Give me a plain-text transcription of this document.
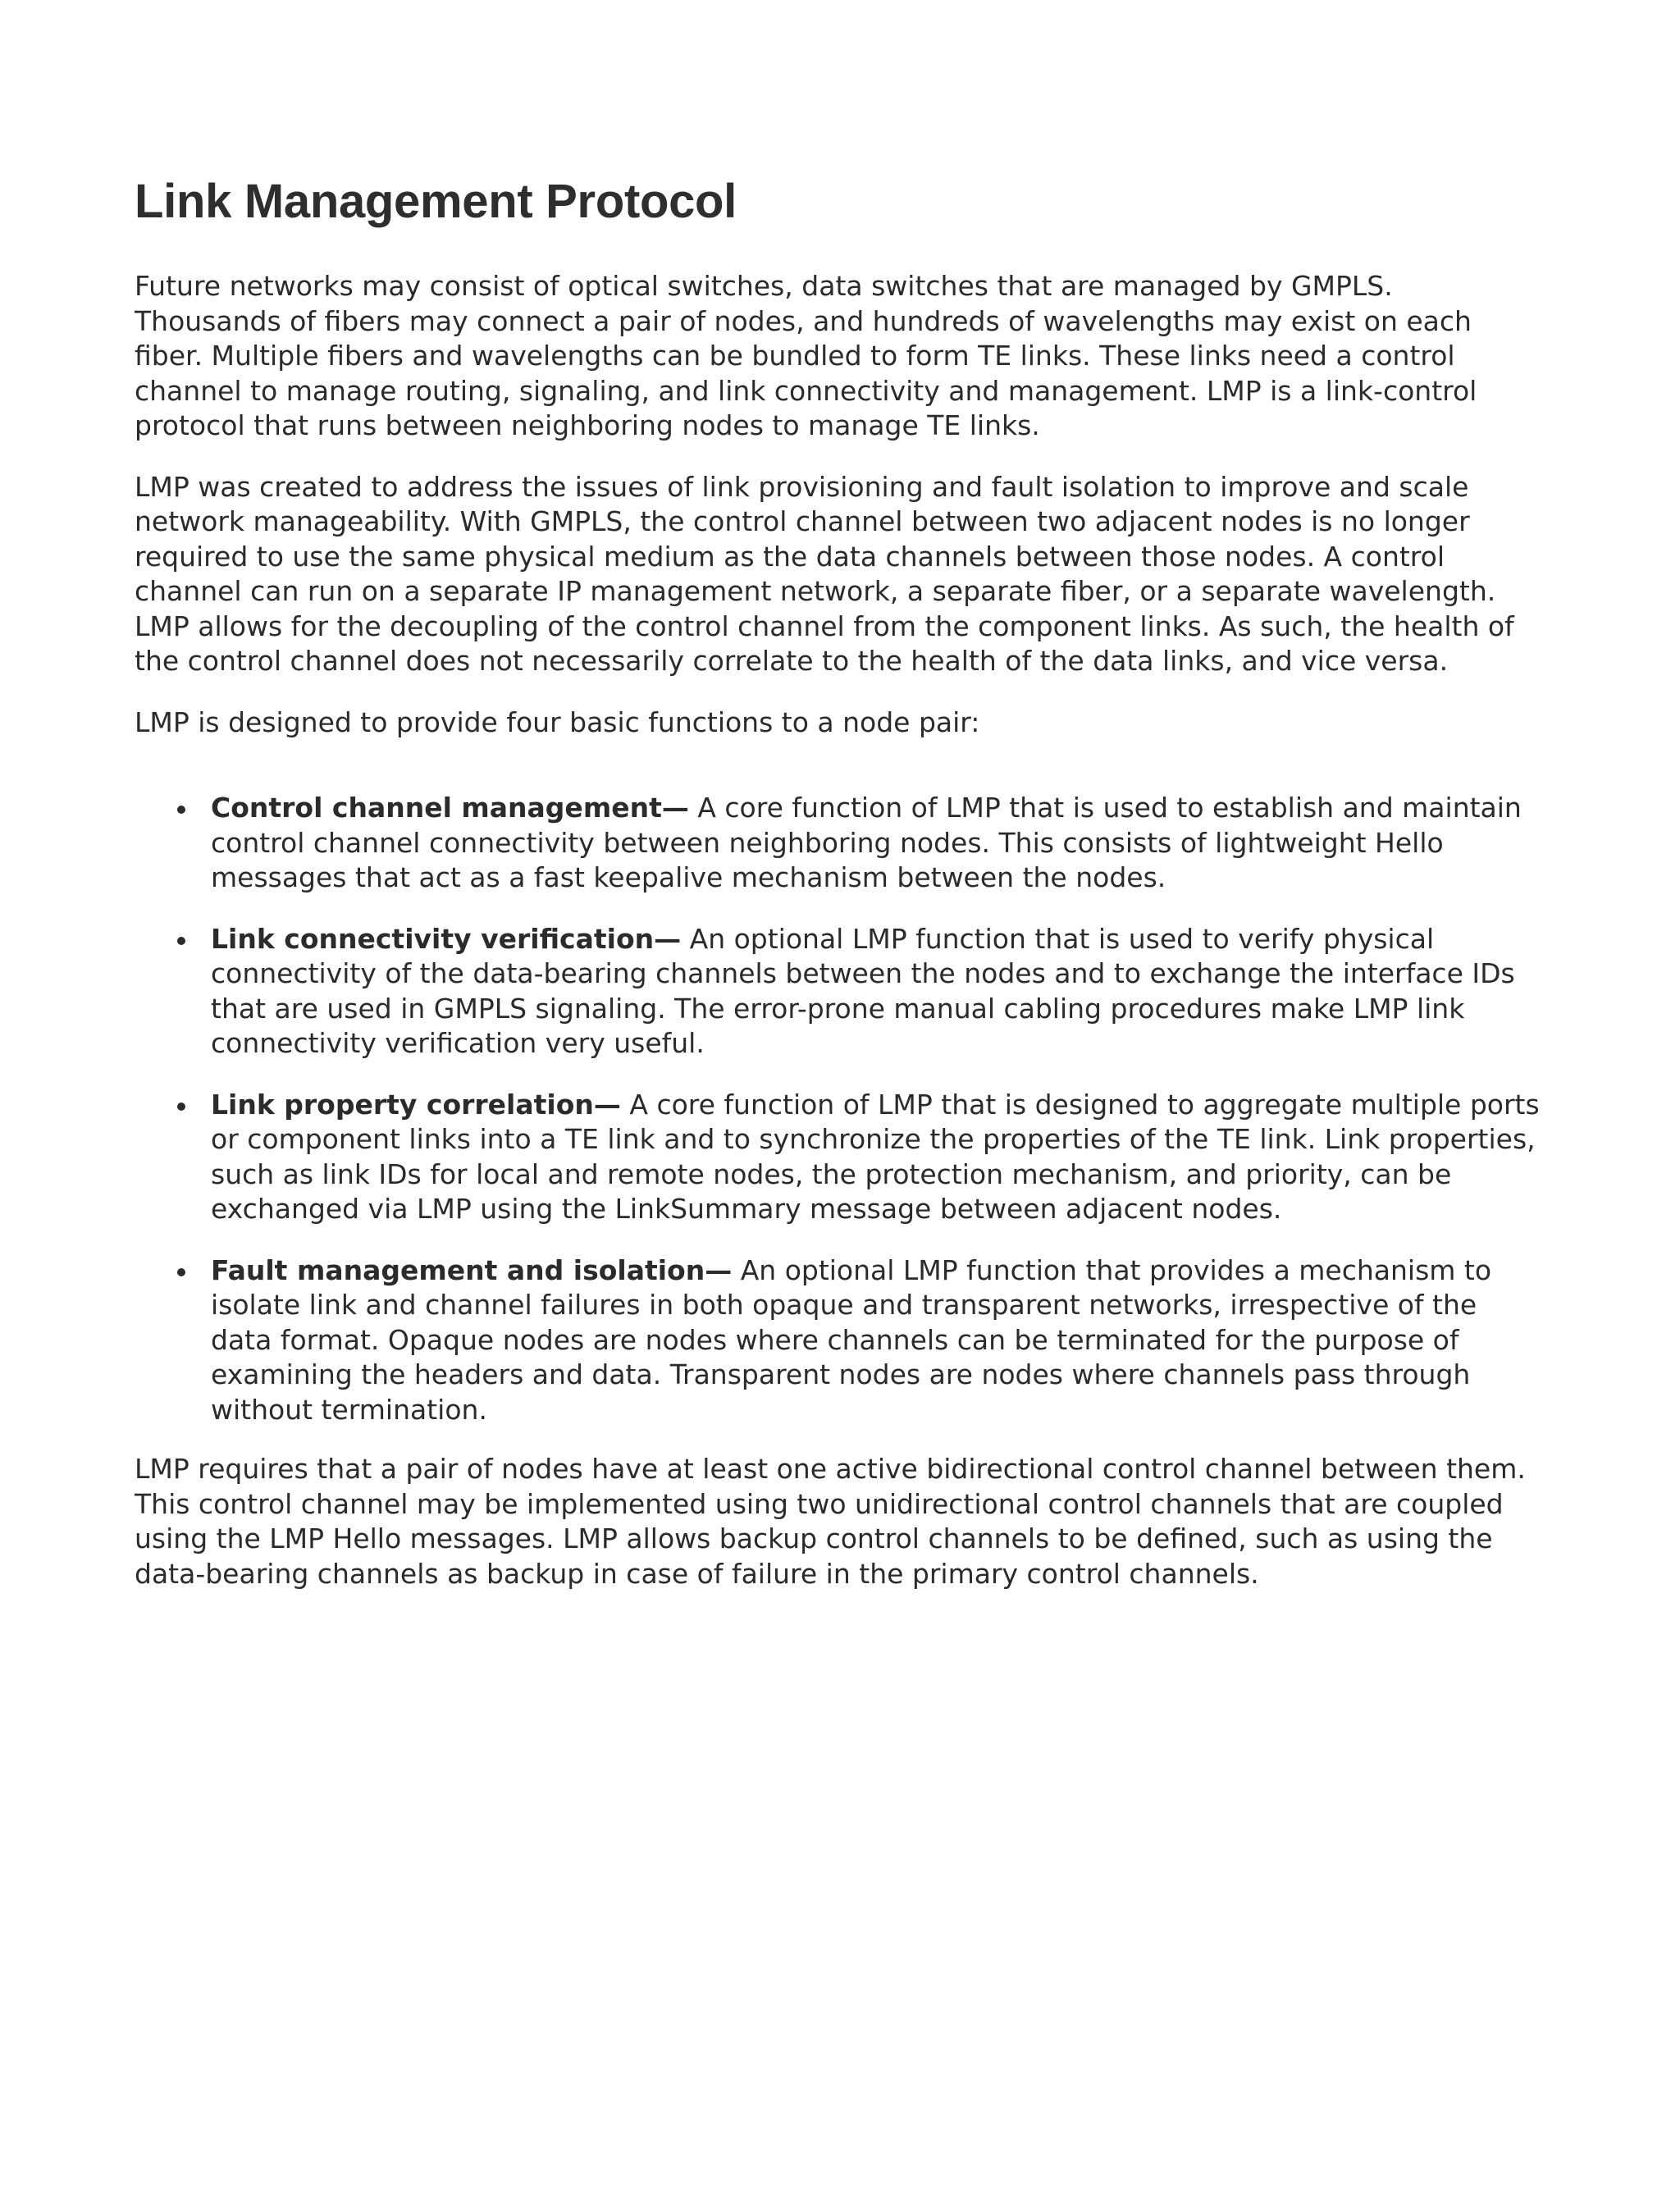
Link Management Protocol

Future networks may consist of optical switches, data switches that are managed by GMPLS. Thousands of fibers may connect a pair of nodes, and hundreds of wavelengths may exist on each fiber. Multiple fibers and wavelengths can be bundled to form TE links. These links need a control channel to manage routing, signaling, and link connectivity and management. LMP is a link-control protocol that runs between neighboring nodes to manage TE links.

LMP was created to address the issues of link provisioning and fault isolation to improve and scale network manageability. With GMPLS, the control channel between two adjacent nodes is no longer required to use the same physical medium as the data channels between those nodes. A control channel can run on a separate IP management network, a separate fiber, or a separate wavelength. LMP allows for the decoupling of the control channel from the component links. As such, the health of the control channel does not necessarily correlate to the health of the data links, and vice versa.

LMP is designed to provide four basic functions to a node pair:

Control channel management— A core function of LMP that is used to establish and maintain control channel connectivity between neighboring nodes. This consists of lightweight Hello messages that act as a fast keepalive mechanism between the nodes.
Link connectivity verification— An optional LMP function that is used to verify physical connectivity of the data-bearing channels between the nodes and to exchange the interface IDs that are used in GMPLS signaling. The error-prone manual cabling procedures make LMP link connectivity verification very useful.
Link property correlation— A core function of LMP that is designed to aggregate multiple ports or component links into a TE link and to synchronize the properties of the TE link. Link properties, such as link IDs for local and remote nodes, the protection mechanism, and priority, can be exchanged via LMP using the LinkSummary message between adjacent nodes.
Fault management and isolation— An optional LMP function that provides a mechanism to isolate link and channel failures in both opaque and transparent networks, irrespective of the data format. Opaque nodes are nodes where channels can be terminated for the purpose of examining the headers and data. Transparent nodes are nodes where channels pass through without termination.

LMP requires that a pair of nodes have at least one active bidirectional control channel between them. This control channel may be implemented using two unidirectional control channels that are coupled using the LMP Hello messages. LMP allows backup control channels to be defined, such as using the data-bearing channels as backup in case of failure in the primary control channels.
